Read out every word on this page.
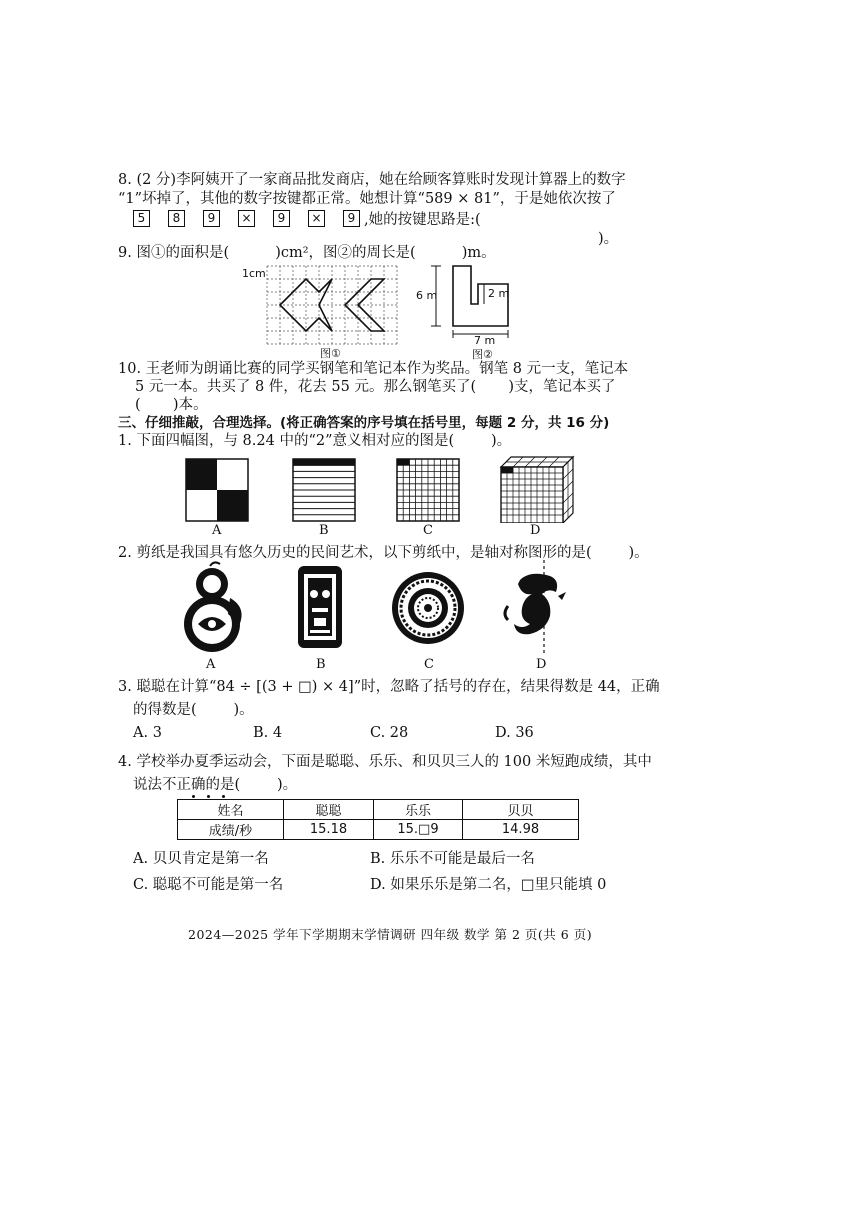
8. (2 分)李阿姨开了一家商品批发商店，她在给顾客算账时发现计算器上的数字
“1”坏掉了，其他的数字按键都正常。她想计算“589 × 81”，于是她依次按了
5	8	9	×	9	×	9 ,她的按键思路是:(
)。
9. 图①的面积是(          )cm²，图②的周长是(          )m。
1cm
6 m	2 m
7 m
图①	图②
10. 王老师为朗诵比赛的同学买钢笔和笔记本作为奖品。钢笔 8 元一支，笔记本
5 元一本。共买了 8 件，花去 55 元。那么钢笔买了(       )支，笔记本买了
(       )本。
三、仔细推敲，合理选择。(将正确答案的序号填在括号里，每题 2 分，共 16 分)
1. 下面四幅图，与 8.24 中的“2”意义相对应的图是(        )。
A	B	C	D
2. 剪纸是我国具有悠久历史的民间艺术，以下剪纸中，是轴对称图形的是(        )。
A	B	C	D
3. 聪聪在计算“84 ÷ [(3 + □) × 4]”时，忽略了括号的存在，结果得数是 44，正确
的得数是(        )。
A. 3	B. 4	C. 28	D. 36
4. 学校举办夏季运动会，下面是聪聪、乐乐、和贝贝三人的 100 米短跑成绩，其中
说法不正确的是(        )。
姓名	聪聪	乐乐	贝贝
成绩/秒	15.18	15.□9	14.98
A. 贝贝肯定是第一名	B. 乐乐不可能是最后一名
C. 聪聪不可能是第一名	D. 如果乐乐是第二名，□里只能填 0
2024—2025 学年下学期期末学情调研 四年级 数学 第 2 页(共 6 页)
